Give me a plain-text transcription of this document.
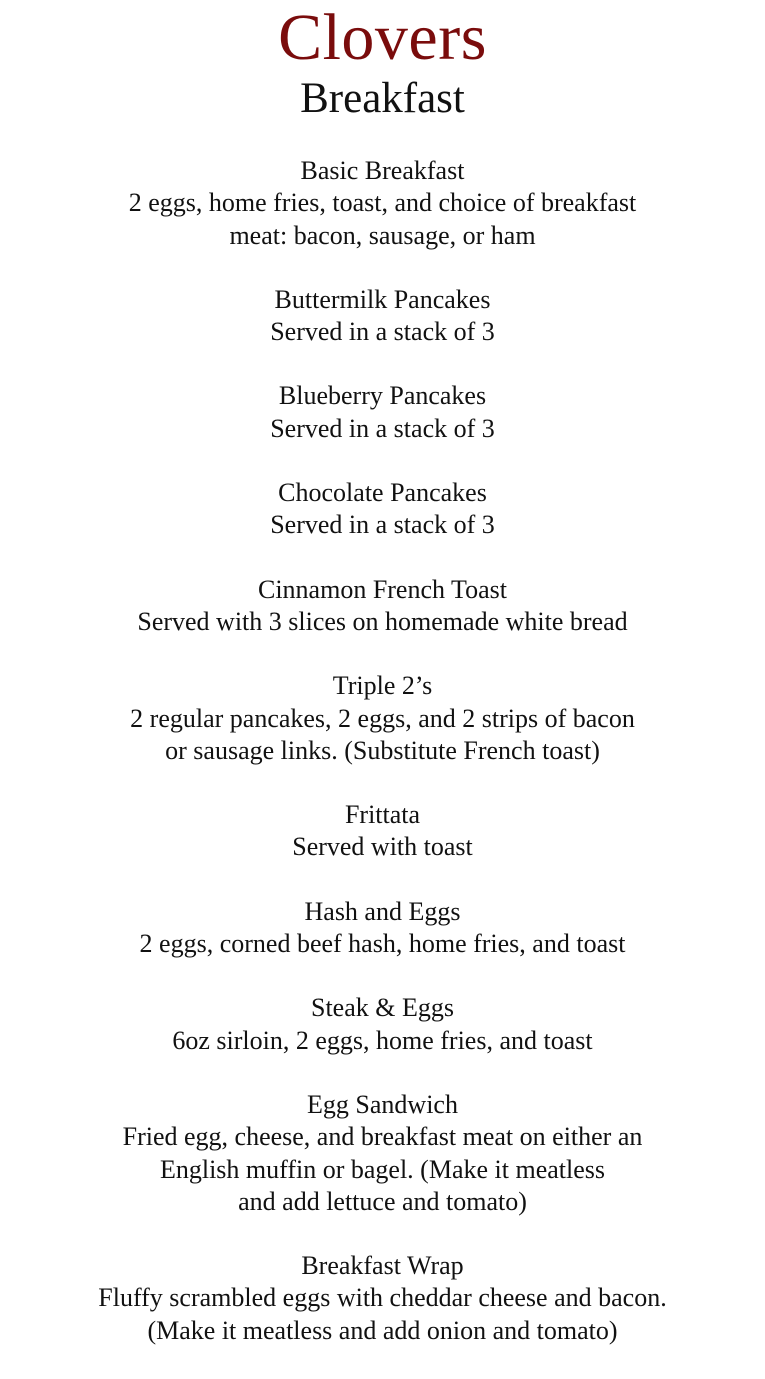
Clovers
Breakfast
Basic Breakfast
2 eggs, home fries, toast, and choice of breakfast
meat: bacon, sausage, or ham
Buttermilk Pancakes
Served in a stack of 3
Blueberry Pancakes
Served in a stack of 3
Chocolate Pancakes
Served in a stack of 3
Cinnamon French Toast
Served with 3 slices on homemade white bread
Triple 2’s
2 regular pancakes, 2 eggs, and 2 strips of bacon
or sausage links. (Substitute French toast)
Frittata
Served with toast
Hash and Eggs
2 eggs, corned beef hash, home fries, and toast
Steak & Eggs
6oz sirloin, 2 eggs, home fries, and toast
Egg Sandwich
Fried egg, cheese, and breakfast meat on either an
English muffin or bagel. (Make it meatless
and add lettuce and tomato)
Breakfast Wrap
Fluffy scrambled eggs with cheddar cheese and bacon.
(Make it meatless and add onion and tomato)
